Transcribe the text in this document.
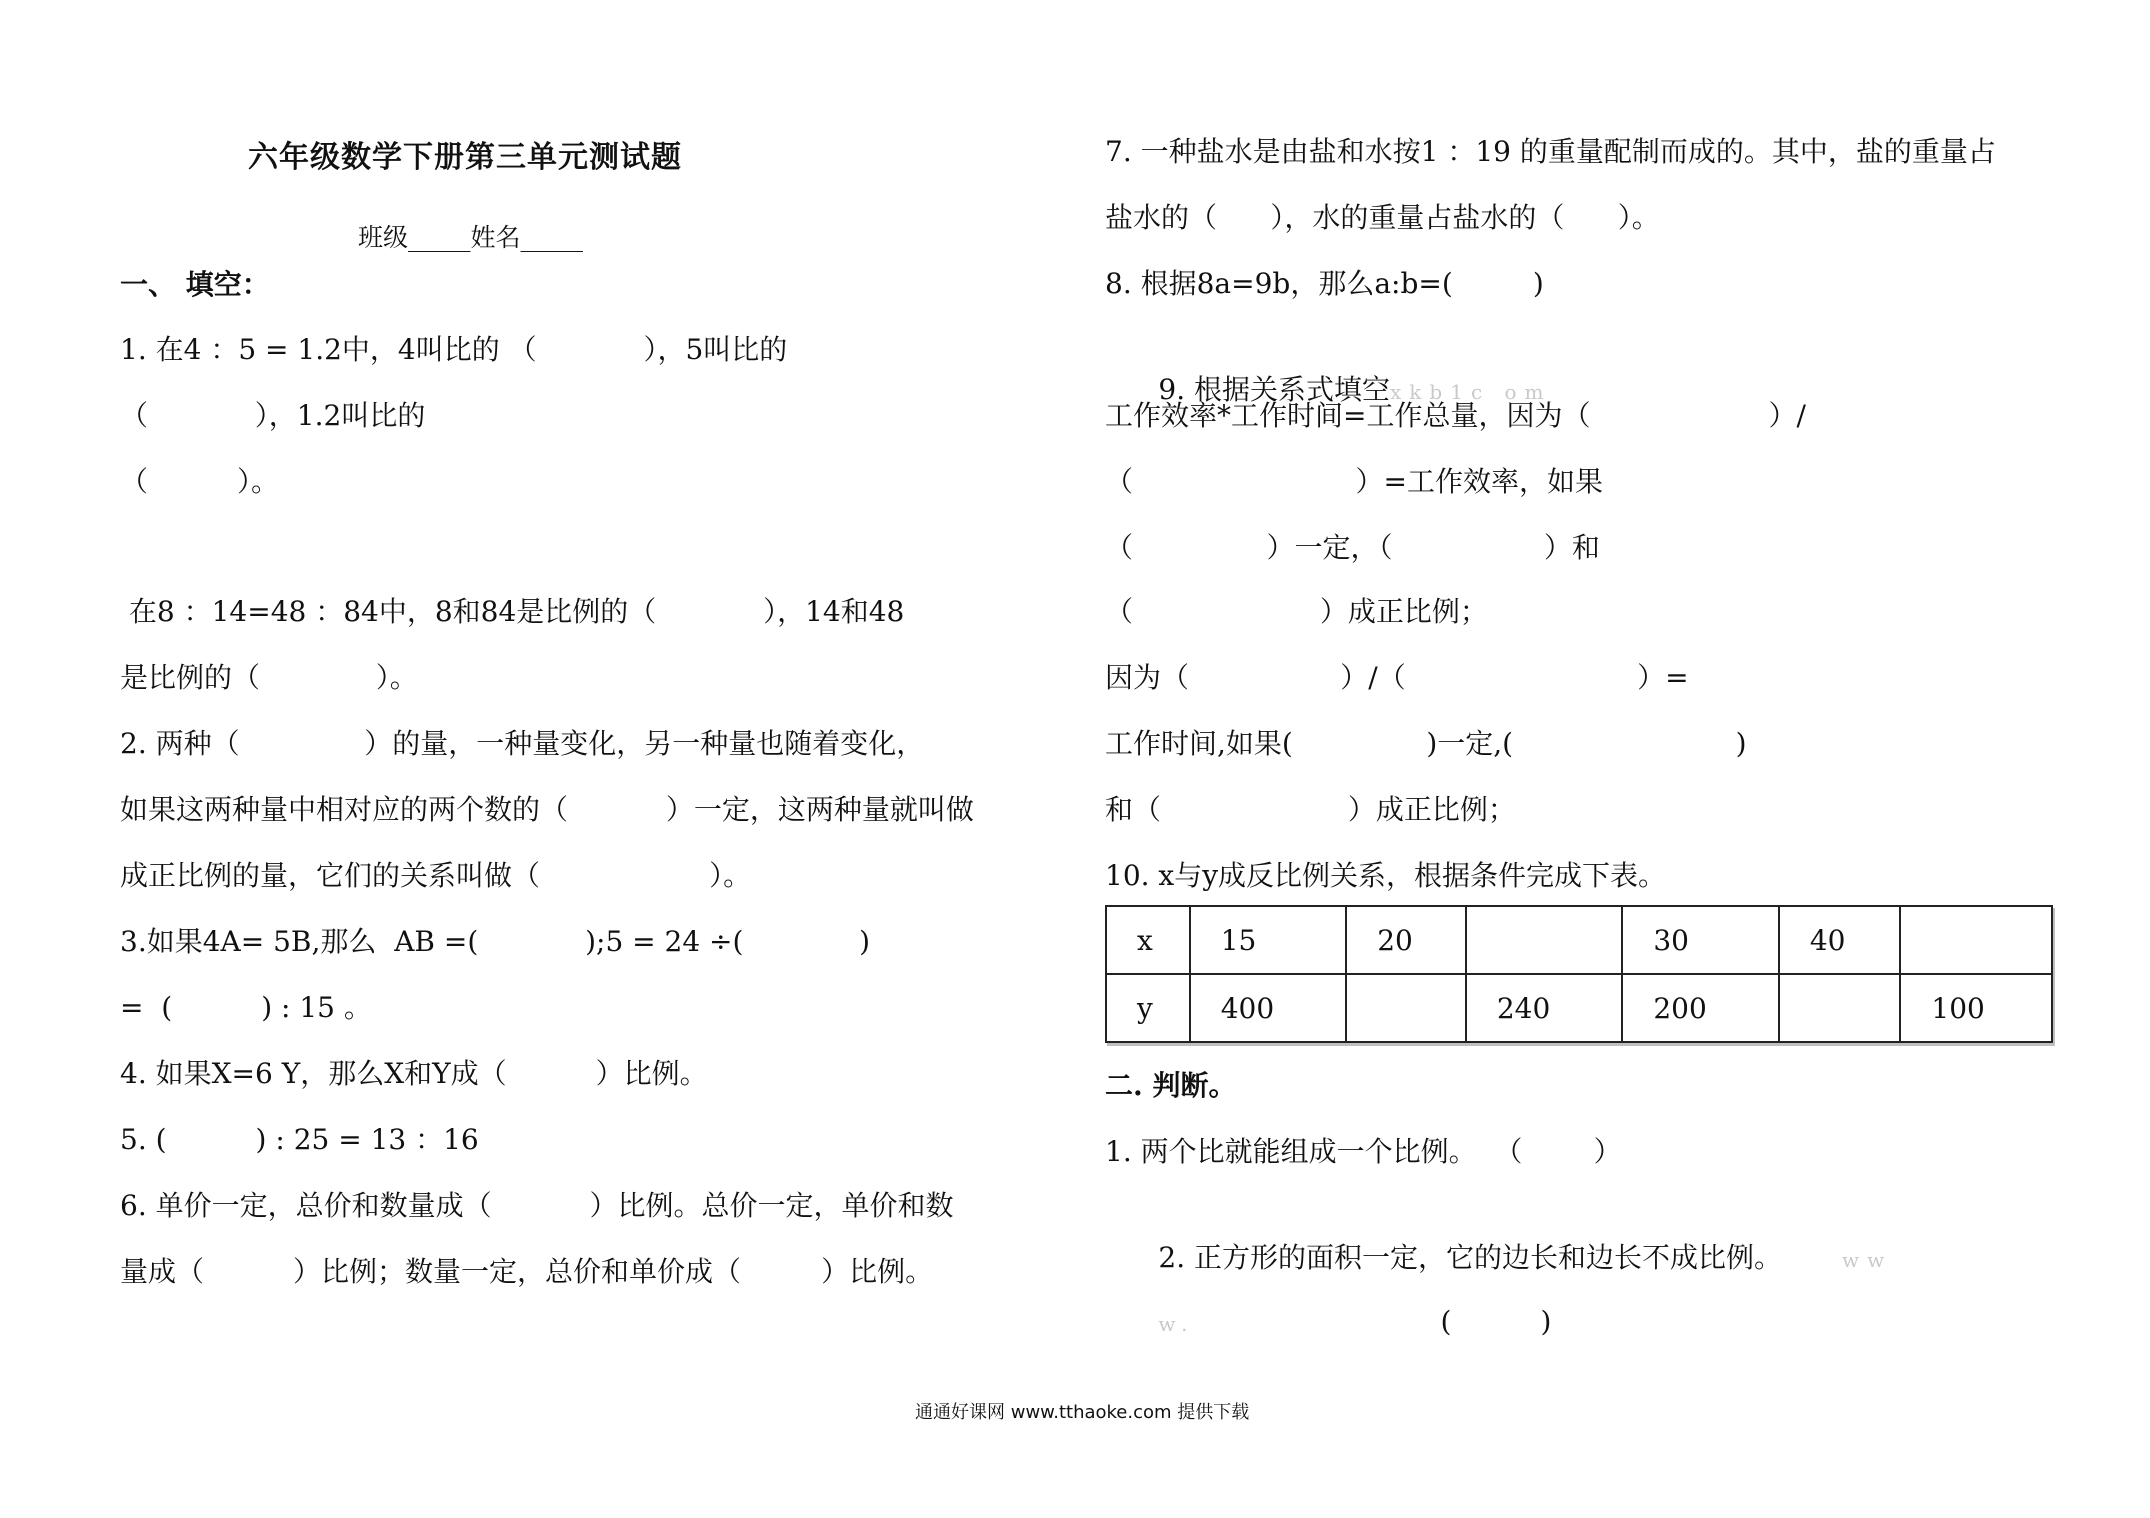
六年级数学下册第三单元测试题
班级_____姓名_____
一、 填空：
1. 在4 ：5 = 1.2中，4叫比的 （            ），5叫比的
（            ），1.2叫比的
（          ）。
在8 ：14=48 ：84中，8和84是比例的（            ），14和48
是比例的（             ）。
2. 两种（              ）的量，一种量变化，另一种量也随着变化，
如果这两种量中相对应的两个数的（           ）一定，这两种量就叫做
成正比例的量，它们的关系叫做（                   ）。
3.如果4A= 5B,那么  AB =(            );5 = 24 ÷(             )
=  (          ) : 15 。
4. 如果X=6 Y，那么X和Y成（          ）比例。
5. (          ) : 25 = 13 ：16
6. 单价一定，总价和数量成（           ）比例。总价一定，单价和数
量成（          ）比例；数量一定，总价和单价成（         ）比例。
7. 一种盐水是由盐和水按1 ：19 的重量配制而成的。其中，盐的重量占
盐水的（      ），水的重量占盐水的（      ）。
8. 根据8a=9b，那么a:b=(         )

9. 根据关系式填空xkb1c om

工作效率*工作时间=工作总量，因为（                    ）/
（                         ）=工作效率，如果
（               ）一定，（                 ）和
（                     ）成正比例；
因为（                 ）/（                          ）=
工作时间,如果(               )一定,(                         )
和（                     ）成正比例；
10. x与y成反比例关系，根据条件完成下表。
x	15	20		30	40	
y	400		240	200		100
二. 判断。
1. 两个比就能组成一个比例。  （        ）

2. 正方形的面积一定，它的边长和边长不成比例。	ww

w.	(          )

通通好课网 www.tthaoke.com 提供下载
